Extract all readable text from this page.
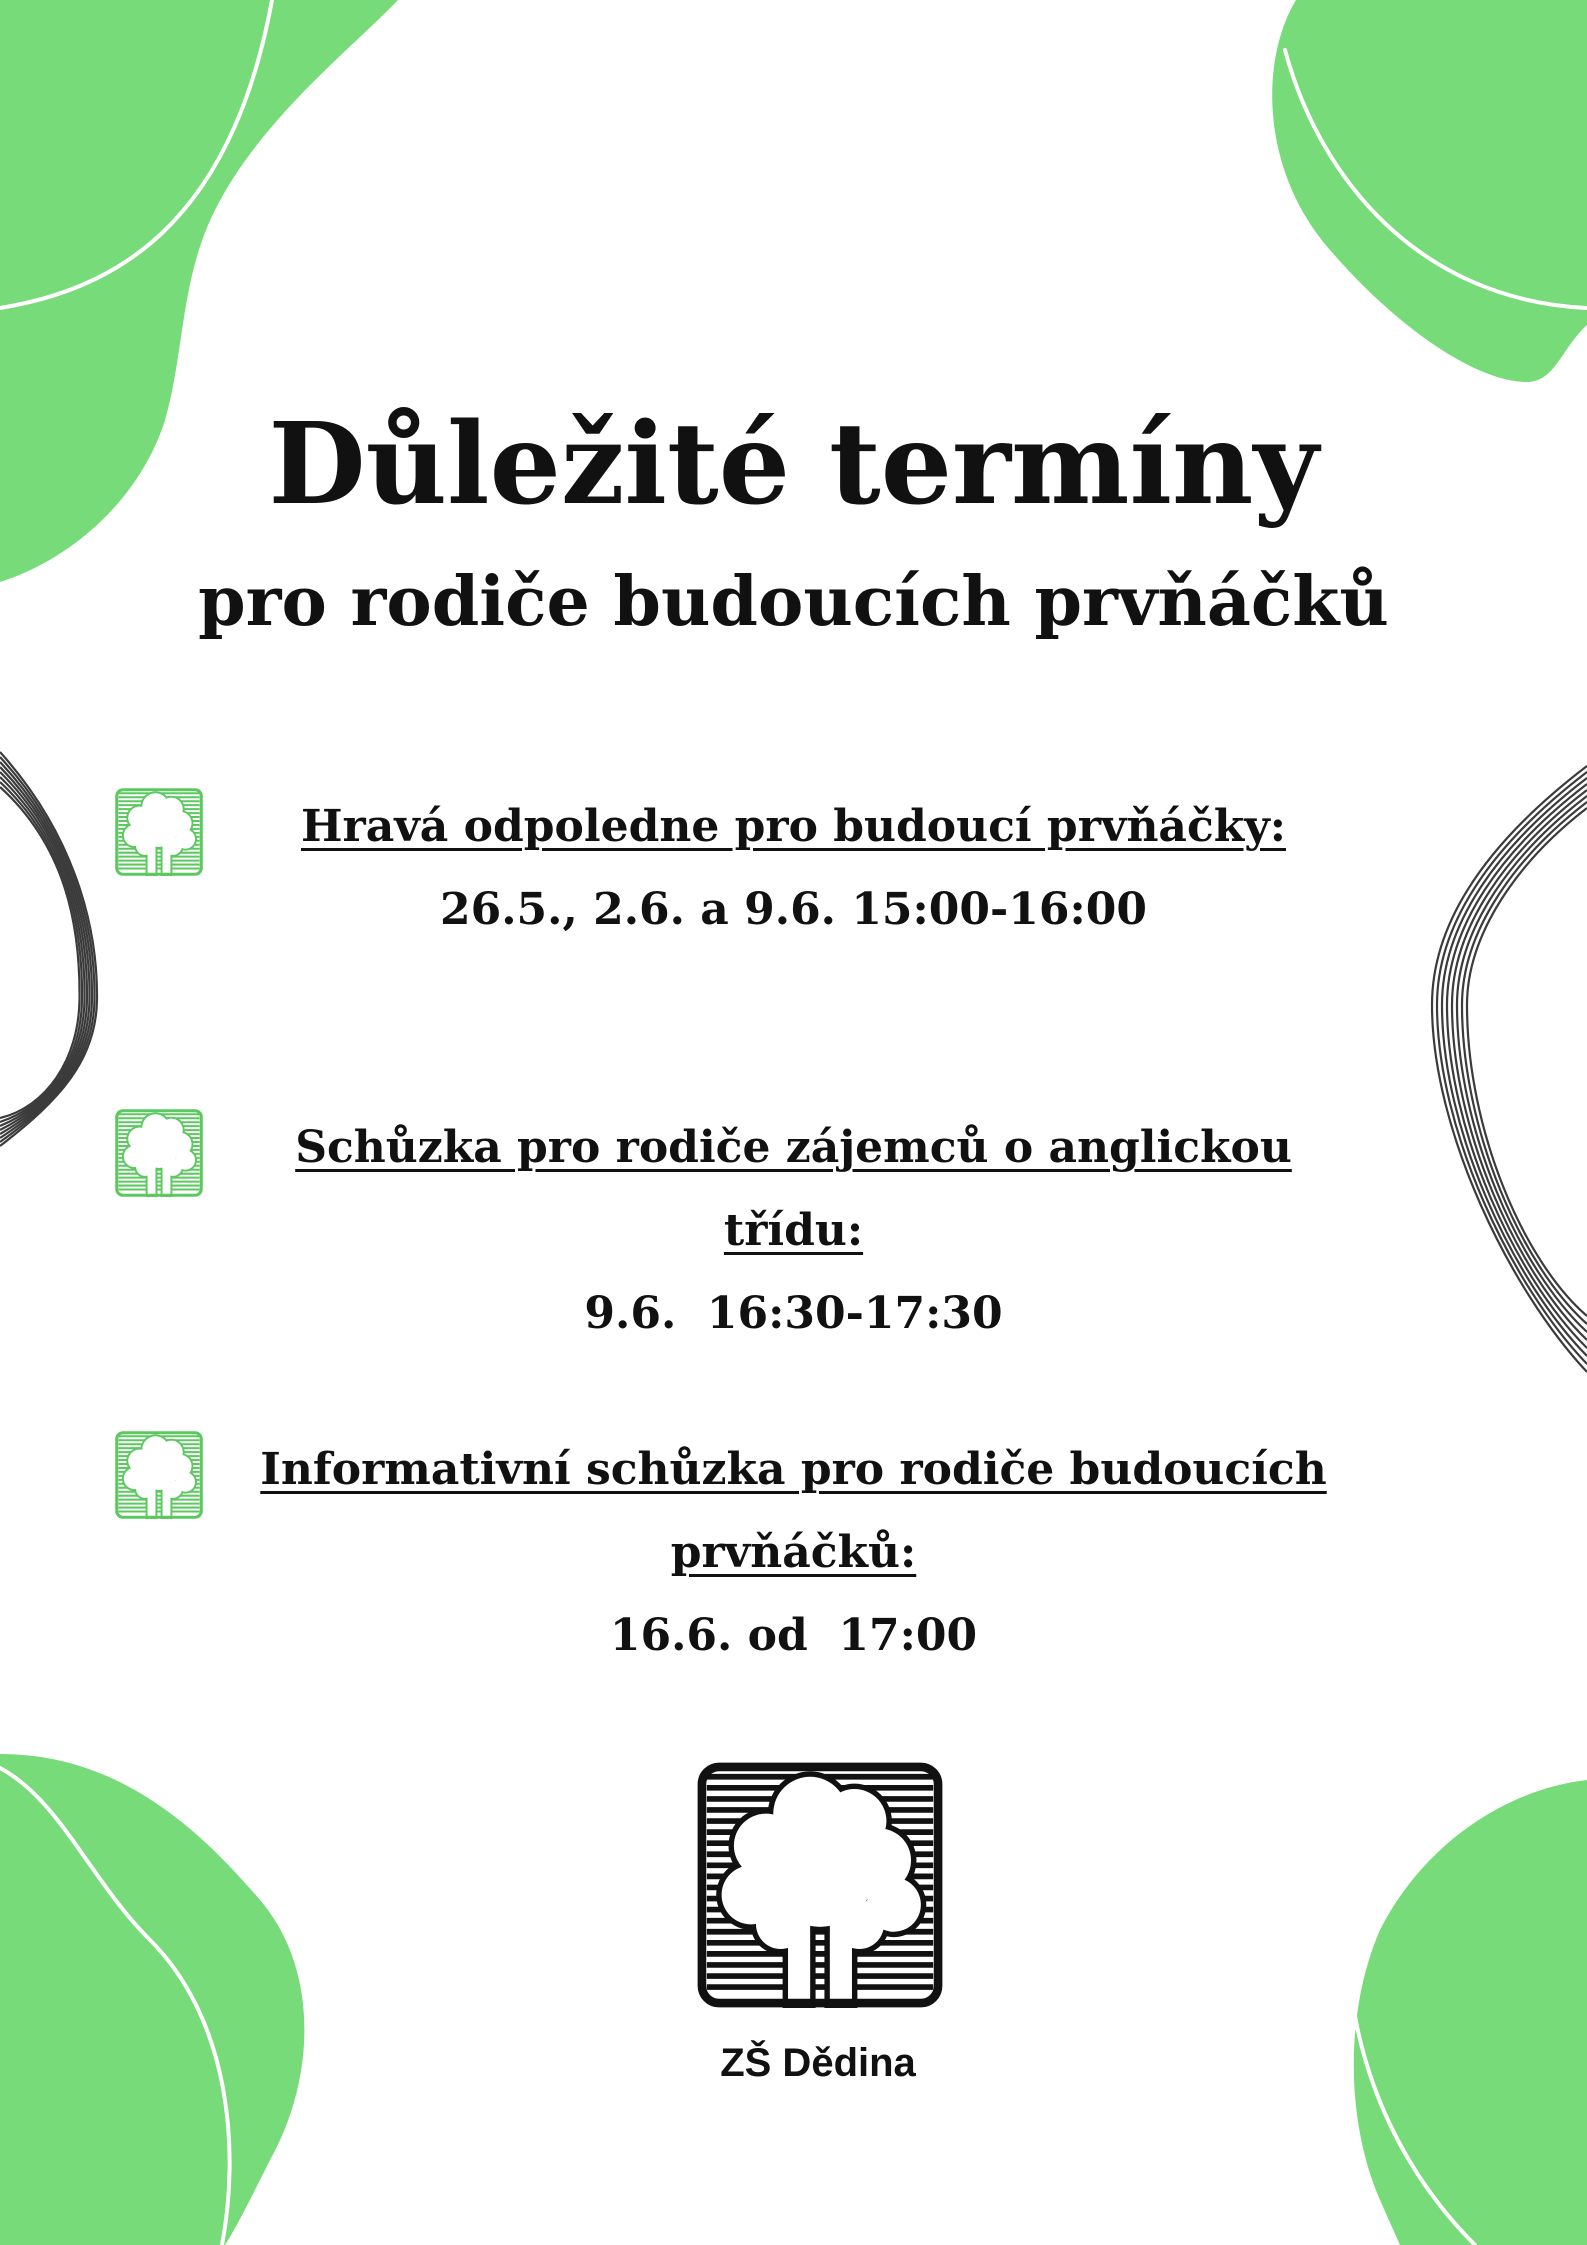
Důležité termíny
pro rodiče budoucích prvňáčků
Hravá odpoledne pro budoucí prvňáčky:
26.5., 2.6. a 9.6. 15:00-16:00
Schůzka pro rodiče zájemců o anglickou
třídu:
9.6.  16:30-17:30
Informativní schůzka pro rodiče budoucích
prvňáčků:
16.6. od  17:00
ZŠ Dědina
